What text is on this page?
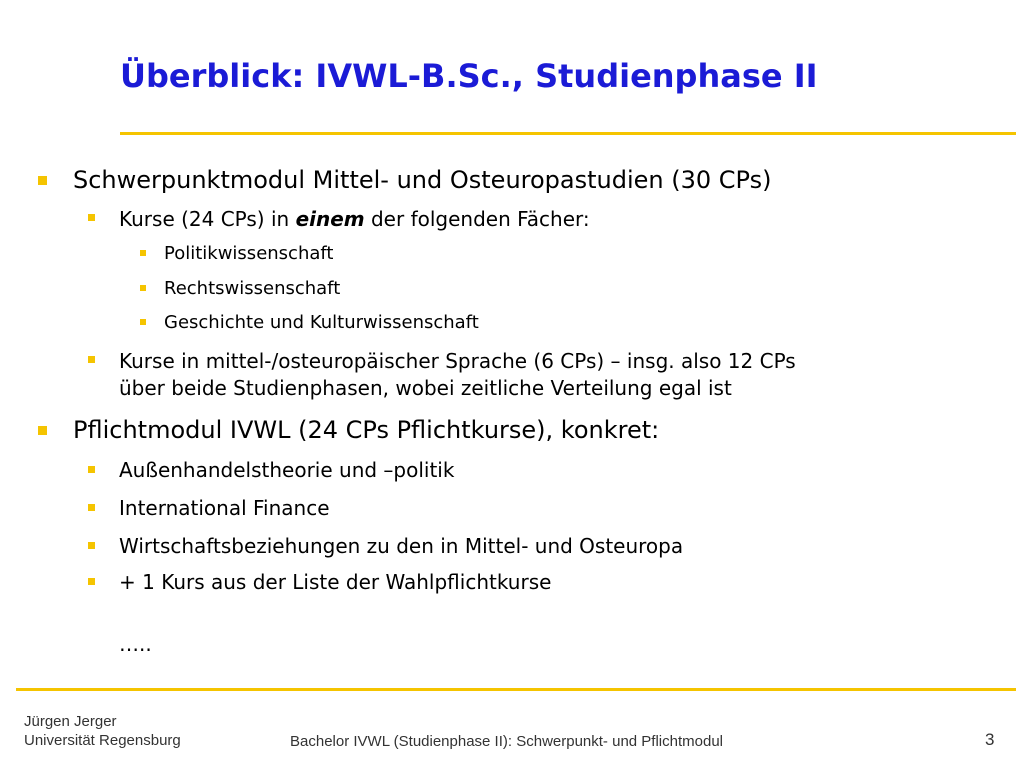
Überblick: IVWL-B.Sc., Studienphase II

Schwerpunktmodul Mittel- und Osteuropastudien (30 CPs)

Kurse (24 CPs) in einem der folgenden Fächer:

Politikwissenschaft

Rechtswissenschaft

Geschichte und Kulturwissenschaft

Kurse in mittel-/osteuropäischer Sprache (6 CPs) – insg. also 12 CPs
über beide Studienphasen, wobei zeitliche Verteilung egal ist

Pflichtmodul IVWL (24 CPs Pflichtkurse), konkret:

Außenhandelstheorie und –politik

International Finance

Wirtschaftsbeziehungen zu den in Mittel- und Osteuropa

+ 1 Kurs aus der Liste der Wahlpflichtkurse

…..

Jürgen Jerger
Universität Regensburg	Bachelor IVWL (Studienphase II): Schwerpunkt- und Pflichtmodul	3
